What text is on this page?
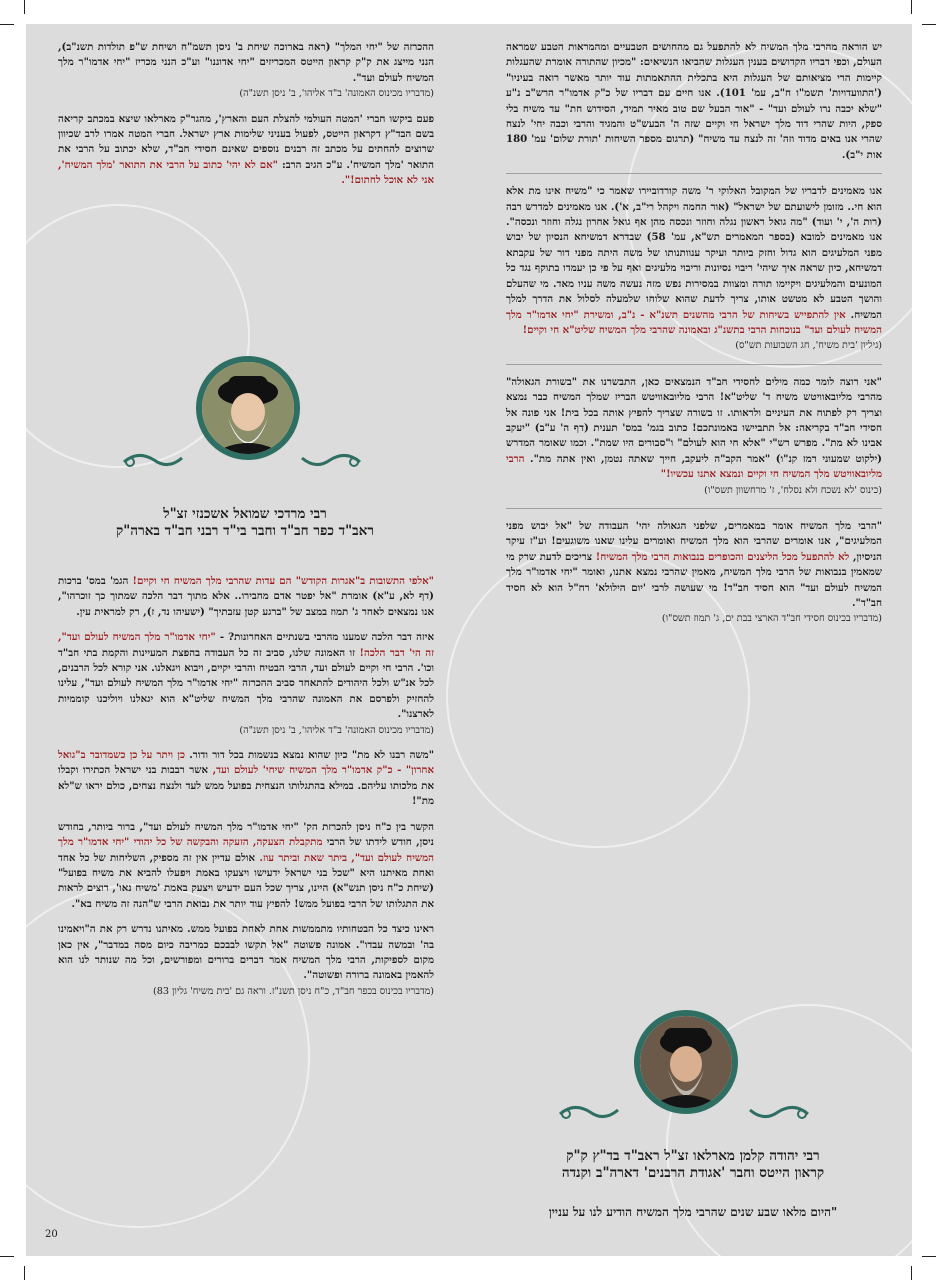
יש הוראה מהרבי מלך המשיח לא להתפעל גם מהחושים הטבעיים ומהמראות הטבע שמראה העולם, וכפי דבריו הקדושים בענין העגלות שהביאו הנשיאים: "מכיון שהתורה אומרת שהעגלות קיימות הרי מציאותם של העגלות היא בתכלית ההתאמתות עוד יותר מאשר רואה בעיניו" ('התוועדויות' תשמ"ו ח"ב, עמ' 101). אנו חיים עם דבריו של כ"ק אדמו"ר הרש"ב נ"ע "שלא יכבה נרו לעולם ועד" - "אור הבעל שם טוב מאיר תמיד, הסידוש חת" עד משיח בלי ספק, היות שהרי דוד מלך ישראל חי וקיים שזה ה' הבעש"ט והמגיד והרבי וכבה יחי' לנצח שהרי אנו באים מדוד וזה' זה לנצח עד משיח" (תרגום מספר השיחות 'תורת שלום' עמ' 180 אות י"ב).
אנו מאמינים לדבריו של המקובל האלוקי ר' משה קורדוביירו שאמר כי "משיח אינו מת אלא הוא חי.. מזומן לישועתם של ישראל" (אור החמה ויקהל רי"ב, א'). אנו מאמינים למדרש רבה (רות ה', י' ועוד) "מה גואל ראשון נגלה וחוזר ונכסה מהן אף גואל אחרון נגלה וחוזר ונכסה". אנו מאמינים למובא (בספר המאמרים תש"א, עמ' 58) שבדרא דמשיחא הנסיון של יבוש מפני המלעיגים הוא גדול וחזק ביותר ועיקר ענוותנותו של משה היתה מפני דור של עקבתא דמשיחא, כיון שראה איך שיהי' ריבוי נסיונות וריבוי מלעיגים ואף על פי כן יעמדו בתוקף נגד כל המונעים והמלעיגים ויקיימו תורה ומצוות במסירות נפש מזה נעשה משה עניו מאד. מי שהעלם והושך הטבע לא מטשט אותו, צריך לדעת שהוא שלוחו שלמעלה לסלול את הדרך למלך המשיח. אין להתפייש בשיחות של הרבי מהשנים תשנ"א - נ"ב, ומשירת "יחי אדמו"ר מלך המשיח לעולם ועד" בנוכחות הרבי בתשנ"ג ובאמונה שהרבי מלך המשיח שליט"א חי וקיים!
(גיליון 'בית משיח', חג השבועות תש"ס)
"אני רוצה לומר כמה מילים לחסידי חב"ד הנמצאים כאן, התבשרנו את "בשורת הגאולה" מהרבי מליובאוויטש משיח ד' שליט"א! הרבי מליובאוויטש הבריז שמלך המשיח כבר נמצא וצריך רק לפתוח את העיניים ולראותו. זו בשורה שצריך להפיץ אותה בכל בית! אני פונה אל חסידי חב"ד בקריאה: אל תתביישו באמונתכם! כתוב בגמ' במס' תענית (דף ה' ע"ב) "יעקב אבינו לא מת". מפרש רש"י "אלא חי הוא לעולם" ו"סבורים היו שמת". וכמו שאומר המדרש (ילקוט שמעוני רמז קנ"ו) "אמר הקב"ה ליעקב, חייך שאתה נטמן, ואין אתה מת". הרבי מליובאוויטש מלך המשיח חי וקיים ונמצא אתנו עכשיו!"
(כינוס 'לא נשכח ולא נסלח', ז' מרחשוון תשס"ו)
"הרבי מלך המשיח אומר במאמרים, שלפני הגאולה יהי' העבודה של "אל יבוש מפני המלעיגים", אנו אומרים שהרבי הוא מלך המשיח ואומרים עלינו שאנו משוגעים! וע"ז עיקר הניסיון, לא להתפעל מכל הליצנים והכופרים בנבואות הרבי מלך המשיח! צריכים לדעת שרק מי שמאמין בנבואות של הרבי מלך המשיח, מאמין שהרבי נמצא אתנו, ואומר "יחי אדמו"ר מלך המשיח לעולם ועד" הוא חסיד חב"ד! מי שעושה לרבי 'יום הילולא' רח"ל הוא לא חסיד חב"ד".
(מדבריו בכינוס חסידי חב"ד הארצי בבת ים, ג' תמוז תשס"ו)
ההכרזה של "יחי המלך" (ראה בארוכה שיחת ב' ניסן תשמ"ח ושיחת ש"פ תולדות תשנ"ב), הנני מייצג את ק"ק קראון הייטס המכריזים "יחי אדוננו" וע"כ הנני מכריז "יחי אדמו"ר מלך המשיח לעולם ועד".
(מדבריו מכינוס האמונה' ב"ד אליהו', ב' ניסן תשנ"ה)
פעם ביקשו חברי 'המטה העולמי להצלת העם והארץ', מהגר"ק מארלאו שיצא במכתב קריאה בשם הבד"ץ דקראון הייטס, לפעול בעניני שלימות ארץ ישראל. חברי המטה אמרו לרב שכיוון שרוצים להחתים על מכתב זה רבנים נוספים שאינם חסידי חב"ד, שלא יכתוב על הרבי את התואר 'מלך המשיח'. ע"כ הגיב הרב: "אם לא יהי' כתוב על הרבי את התואר 'מלך המשיח', אני לא אוכל לחתום!".
רבי מרדכי שמואל אשכנזי זצ"ל
ראב"ד כפר חב"ד וחבר בי"ד רבני חב"ד בארה"ק
"אלפי התשובות ב"אגרות הקודש" הם עדות שהרבי מלך המשיח חי וקיים! הגמ' במס' ברכות (דף לא, ע"א) אומרת "אל יפטר אדם מחבירו.. אלא מתוך דבר הלכה שמתוך כך זוכרהו", אנו נמצאים לאחר ג' תמוז במצב של "ברגע קטן עזבתיך" (ישעיהו נד, ז), רק למראית עין.
איזה דבר הלכה שמענו מהרבי בשנתיים האחרונות? - "יחי אדמו"ר מלך המשיח לעולם ועד", זה הי' דבר הלכה! זו האמונה שלנו, סביב זה כל העבודה בהפצת המעיינות והקמת בתי חב"ד וכו'. הרבי חי וקיים לעולם ועד, הרבי הבטיח והרבי יקיים, ויבוא ויגאלנו. אני קורא לכל הרבנים, לכל אנ"ש ולכל היהודים להתאחד סביב ההכרזה "יחי אדמו"ר מלך המשיח לעולם ועד", עלינו להחזיק ולפרסם את האמונה שהרבי מלך המשיח שליט"א הוא יגאלנו ויוליכנו קוממיות לארצנו".
(מדבריו מכינוס האמונה' ב"ד אליהו', ב' ניסן תשנ"ה)
"משה רבנו לא מת" כיון שהוא נמצא בנשמות בכל דור ודור. כן ויתר על כן כשמדובר ב"גואל אחרון" - כ"ק אדמו"ר מלך המשיח שיחי' לעולם ועד, אשר רבבות בני ישראל הכתירו וקבלו את מלכותו עליהם. במילא בהתגלותו הנצחית בפועל ממש לעד ולנצח נצחים, כולם יראו ש"לא מת"!
הקשר בין כ"ח ניסן להכרזת הק' "יחי אדמו"ר מלך המשיח לעולם ועד", ברור ביותר, בחודש ניסן, חודש לידתו של הרבי מתקבלת הצעקה, הזעקה והבקשה של כל יהודי "יחי אדמו"ר מלך המשיח לעולם ועד", ביתר שאת וביתר עוז. אולם עדיין אין זה מספיק, השליחות של כל אחד ואחת מאיתנו היא "שכל בני ישראל ידעישו ויצעקו באמת ויפעלו להביא את משיח בפועל" (שיחת כ"ח ניסן תנש"א) היינו, צריך שכל העם ידעיש ויצעק באמת 'משיח נאו', רוצים לראות את התגלותו של הרבי בפועל ממש! להפיץ עוד יותר את נבואת הרבי ש"הנה זה משיח בא".
ראינו כיצד כל הבטחותיו מתממשות אחת לאחת בפועל ממש. מאיתנו נדרש רק את ה"ויאמינו בה' ובמשה עבדו". אמונה פשוטה "אל תקשו לבבכם כמריבה כיום מסה במדבר", אין כאן מקום לספיקות, הרבי מלך המשיח אמר דברים ברורים ומפורשים, וכל מה שנותר לנו הוא להאמין באמונה ברורה ופשוטה".
(מדבריו בכינוס בכפר חב"ד, כ"ח ניסן תשנ"ז. וראה גם 'בית משיח' גליון 83)
רבי יהודה קלמן מארלאו זצ"ל ראב"ד בד"ץ ק"ק
קראון הייטס וחבר 'אגודת הרבנים' דארה"ב וקנדה
"היום מלאו שבע שנים שהרבי מלך המשיח הודיע לנו על עניין
20
